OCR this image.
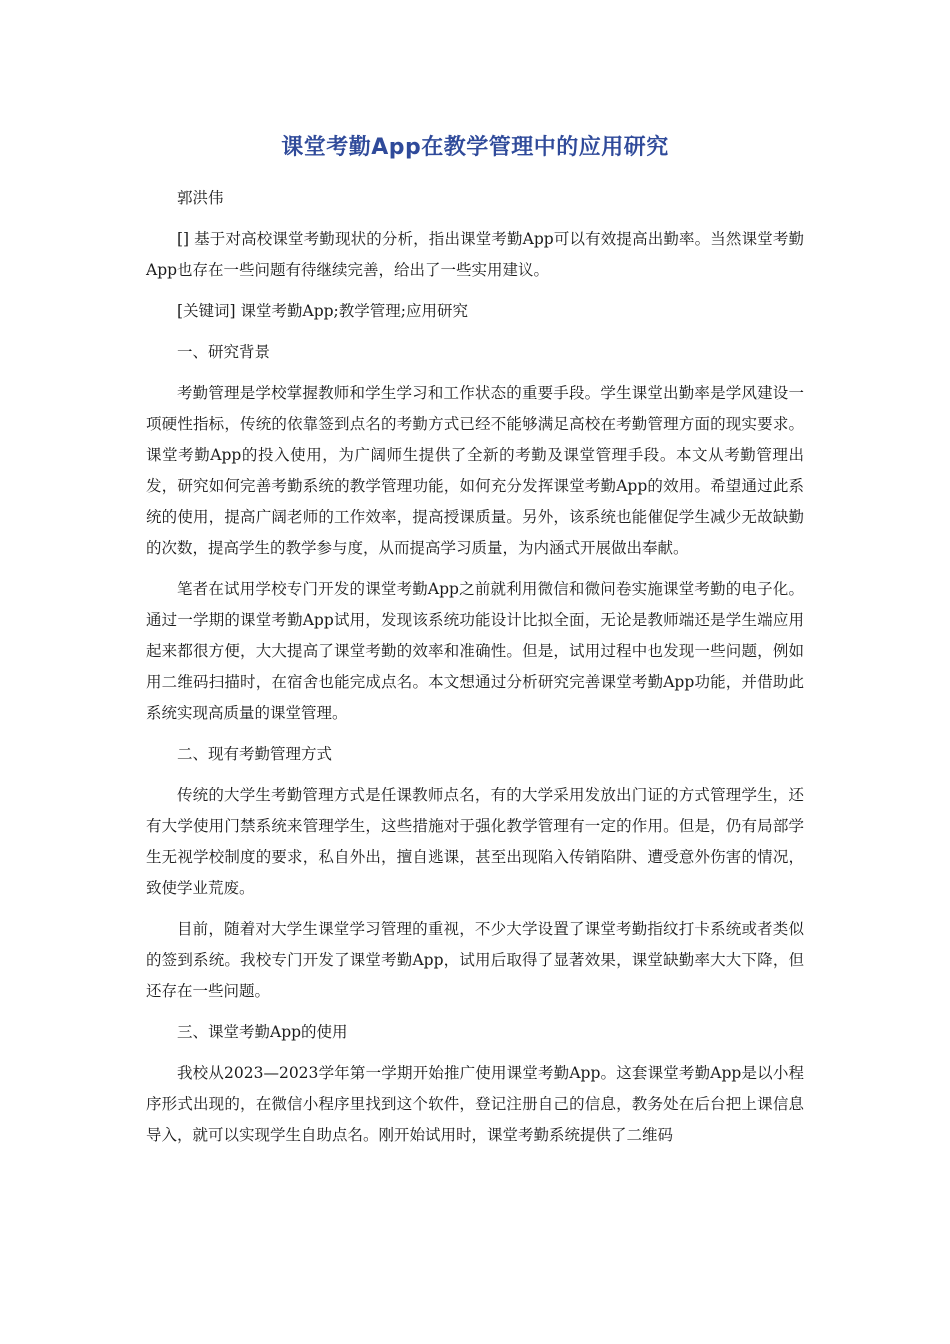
课堂考勤App在教学管理中的应用研究
郭洪伟

[] 基于对高校课堂考勤现状的分析，指出课堂考勤App可以有效提高出勤率。当然课堂考勤App也存在一些问题有待继续完善，给出了一些实用建议。

[关键词] 课堂考勤App;教学管理;应用研究
一、研究背景

考勤管理是学校掌握教师和学生学习和工作状态的重要手段。学生课堂出勤率是学风建设一项硬性指标，传统的依靠签到点名的考勤方式已经不能够满足高校在考勤管理方面的现实要求。课堂考勤App的投入使用，为广阔师生提供了全新的考勤及课堂管理手段。本文从考勤管理出发，研究如何完善考勤系统的教学管理功能，如何充分发挥课堂考勤App的效用。希望通过此系统的使用，提高广阔老师的工作效率，提高授课质量。另外，该系统也能催促学生减少无故缺勤的次数，提高学生的教学参与度，从而提高学习质量，为内涵式开展做出奉献。

笔者在试用学校专门开发的课堂考勤App之前就利用微信和微问卷实施课堂考勤的电子化。通过一学期的课堂考勤App试用，发现该系统功能设计比拟全面，无论是教师端还是学生端应用起来都很方便，大大提高了课堂考勤的效率和准确性。但是，试用过程中也发现一些问题，例如用二维码扫描时，在宿舍也能完成点名。本文想通过分析研究完善课堂考勤App功能，并借助此系统实现高质量的课堂管理。

二、现有考勤管理方式

传统的大学生考勤管理方式是任课教师点名，有的大学采用发放出门证的方式管理学生，还有大学使用门禁系统来管理学生，这些措施对于强化教学管理有一定的作用。但是，仍有局部学生无视学校制度的要求，私自外出，擅自逃课，甚至出现陷入传销陷阱、遭受意外伤害的情况，致使学业荒废。

目前，随着对大学生课堂学习管理的重视，不少大学设置了课堂考勤指纹打卡系统或者类似的签到系统。我校专门开发了课堂考勤App，试用后取得了显著效果，课堂缺勤率大大下降，但还存在一些问题。

三、课堂考勤App的使用

我校从2023—2023学年第一学期开始推广使用课堂考勤App。这套课堂考勤App是以小程序形式出现的，在微信小程序里找到这个软件，登记注册自己的信息，教务处在后台把上课信息导入，就可以实现学生自助点名。刚开始试用时，课堂考勤系统提供了二维码
